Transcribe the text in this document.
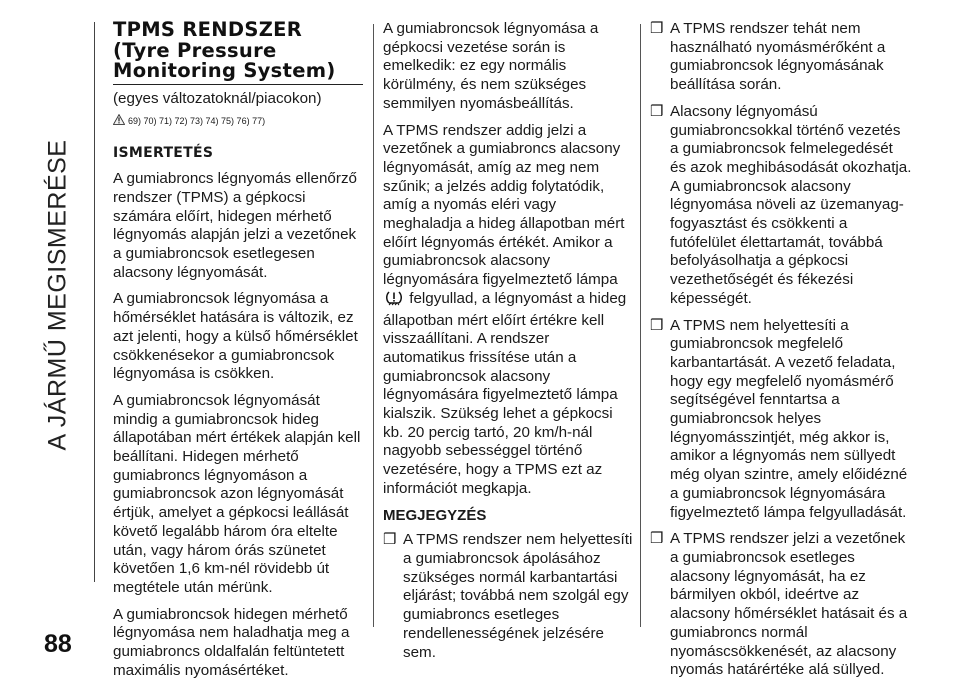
A JÁRMŰ MEGISMERÉSE
88
TPMS RENDSZER
(Tyre Pressure
Monitoring System)
(egyes változatoknál/piacokon)
69) 70) 71) 72) 73) 74) 75) 76) 77)
ISMERTETÉS

A gumiabroncs légnyomás ellenőrző rendszer (TPMS) a gépkocsi számára előírt, hidegen mérhető légnyomás alapján jelzi a vezetőnek a gumiabroncsok esetlegesen alacsony légnyomását.

A gumiabroncsok légnyomása a hőmérséklet hatására is változik, ez azt jelenti, hogy a külső hőmérséklet csökkenésekor a gumiabroncsok légnyomása is csökken.

A gumiabroncsok légnyomását mindig a gumiabroncsok hideg állapotában mért értékek alapján kell beállítani. Hidegen mérhető gumiabroncs légnyomáson a gumiabroncsok azon légnyomását értjük, amelyet a gépkocsi leállását követő legalább három óra eltelte után, vagy három órás szünetet követően 1,6 km-nél rövidebb út megtétele után mérünk.

A gumiabroncsok hidegen mérhető légnyomása nem haladhatja meg a gumiabroncs oldalfalán feltüntetett maximális nyomásértéket.

A gumiabroncsok légnyomása a gépkocsi vezetése során is emelkedik: ez egy normális körülmény, és nem szükséges semmilyen nyomásbeállítás.

A TPMS rendszer addig jelzi a vezetőnek a gumiabroncs alacsony légnyomását, amíg az meg nem szűnik; a jelzés addig folytatódik, amíg a nyomás eléri vagy meghaladja a hideg állapotban mért előírt légnyomás értékét. Amikor a gumiabroncsok alacsony légnyomására figyelmeztető lámpa  felgyullad, a légnyomást a hideg állapotban mért előírt értékre kell visszaállítani. A rendszer automatikus frissítése után a gumiabroncsok alacsony légnyomására figyelmeztető lámpa kialszik. Szükség lehet a gépkocsi kb. 20 percig tartó, 20 km/h-nál nagyobb sebességgel történő vezetésére, hogy a TPMS ezt az információt megkapja.

MEGJEGYZÉS
❒ A TPMS rendszer nem helyettesíti a gumiabroncsok ápolásához szükséges normál karbantartási eljárást; továbbá nem szolgál egy gumiabroncs esetleges rendellenességének jelzésére sem.
❒ A TPMS rendszer tehát nem használható nyomásmérőként a gumiabroncsok légnyomásának beállítása során.
❒ Alacsony légnyomású gumiabroncsokkal történő vezetés a gumiabroncsok felmelegedését és azok meghibásodását okozhatja. A gumiabroncsok alacsony légnyomása növeli az üzemanyag-fogyasztást és csökkenti a futófelület élettartamát, továbbá befolyásolhatja a gépkocsi vezethetőségét és fékezési képességét.
❒ A TPMS nem helyettesíti a gumiabroncsok megfelelő karbantartását. A vezető feladata, hogy egy megfelelő nyomásmérő segítségével fenntartsa a gumiabroncsok helyes légnyomásszintjét, még akkor is, amikor a légnyomás nem süllyedt még olyan szintre, amely előidézné a gumiabroncsok légnyomására figyelmeztető lámpa felgyulladását.
❒ A TPMS rendszer jelzi a vezetőnek a gumiabroncsok esetleges alacsony légnyomását, ha ez bármilyen okból, ideértve az alacsony hőmérséklet hatásait és a gumiabroncs normál nyomáscsökkenését, az alacsony nyomás határértéke alá süllyed.
